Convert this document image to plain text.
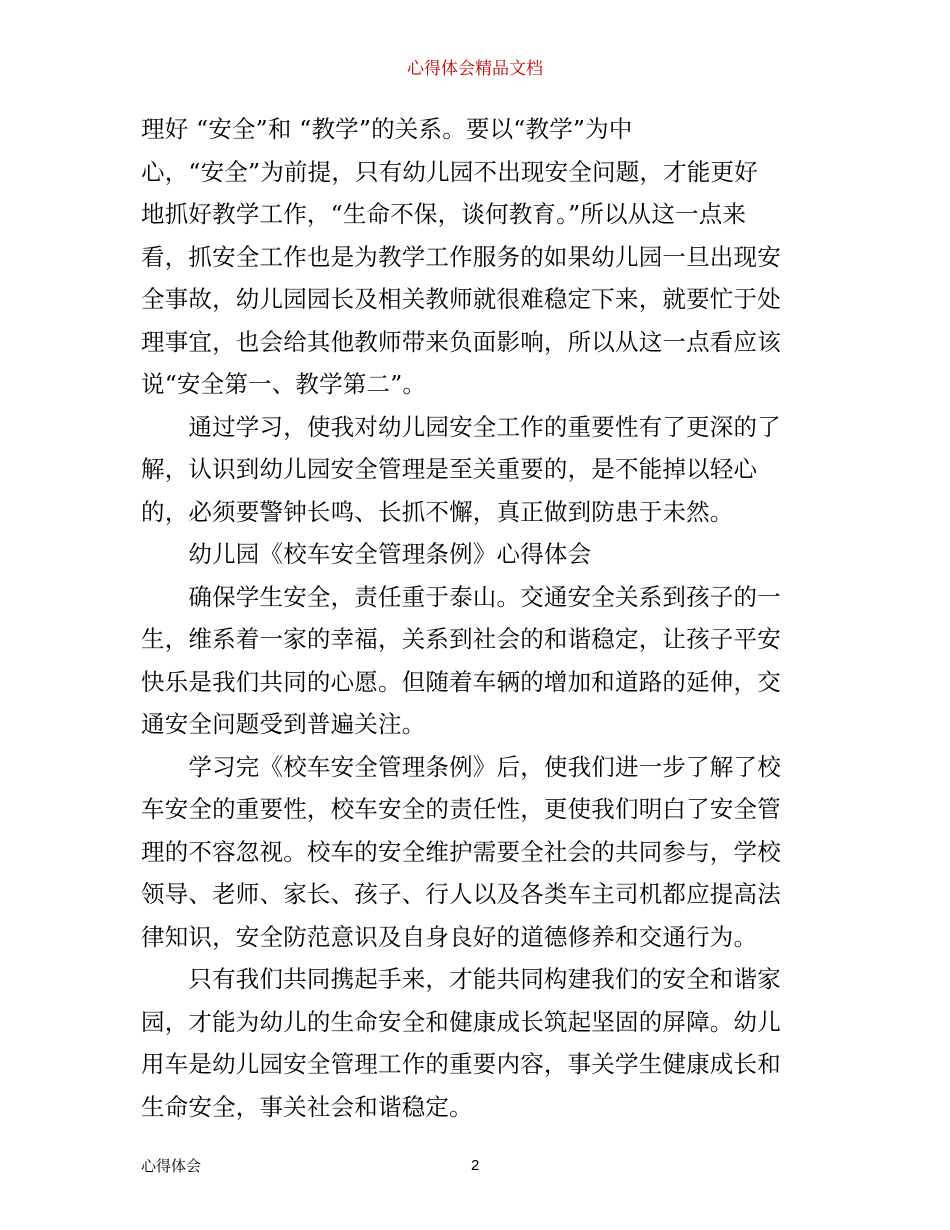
心得体会精品文档
理好 “安全”和 “教学”的关系。要以“教学”为中
心，“安全”为前提，只有幼儿园不出现安全问题，才能更好
地抓好教学工作，“生命不保，谈何教育。”所以从这一点来
看，抓安全工作也是为教学工作服务的如果幼儿园一旦出现安
全事故，幼儿园园长及相关教师就很难稳定下来，就要忙于处
理事宜，也会给其他教师带来负面影响，所以从这一点看应该
说“安全第一、教学第二”。
　　通过学习，使我对幼儿园安全工作的重要性有了更深的了
解，认识到幼儿园安全管理是至关重要的，是不能掉以轻心
的，必须要警钟长鸣、长抓不懈，真正做到防患于未然。
　　幼儿园《校车安全管理条例》心得体会
　　确保学生安全，责任重于泰山。交通安全关系到孩子的一
生，维系着一家的幸福，关系到社会的和谐稳定，让孩子平安
快乐是我们共同的心愿。但随着车辆的增加和道路的延伸，交
通安全问题受到普遍关注。
　　学习完《校车安全管理条例》后，使我们进一步了解了校
车安全的重要性，校车安全的责任性，更使我们明白了安全管
理的不容忽视。校车的安全维护需要全社会的共同参与，学校
领导、老师、家长、孩子、行人以及各类车主司机都应提高法
律知识，安全防范意识及自身良好的道德修养和交通行为。
　　只有我们共同携起手来，才能共同构建我们的安全和谐家
园，才能为幼儿的生命安全和健康成长筑起坚固的屏障。幼儿
用车是幼儿园安全管理工作的重要内容，事关学生健康成长和
生命安全，事关社会和谐稳定。
心得体会	2
